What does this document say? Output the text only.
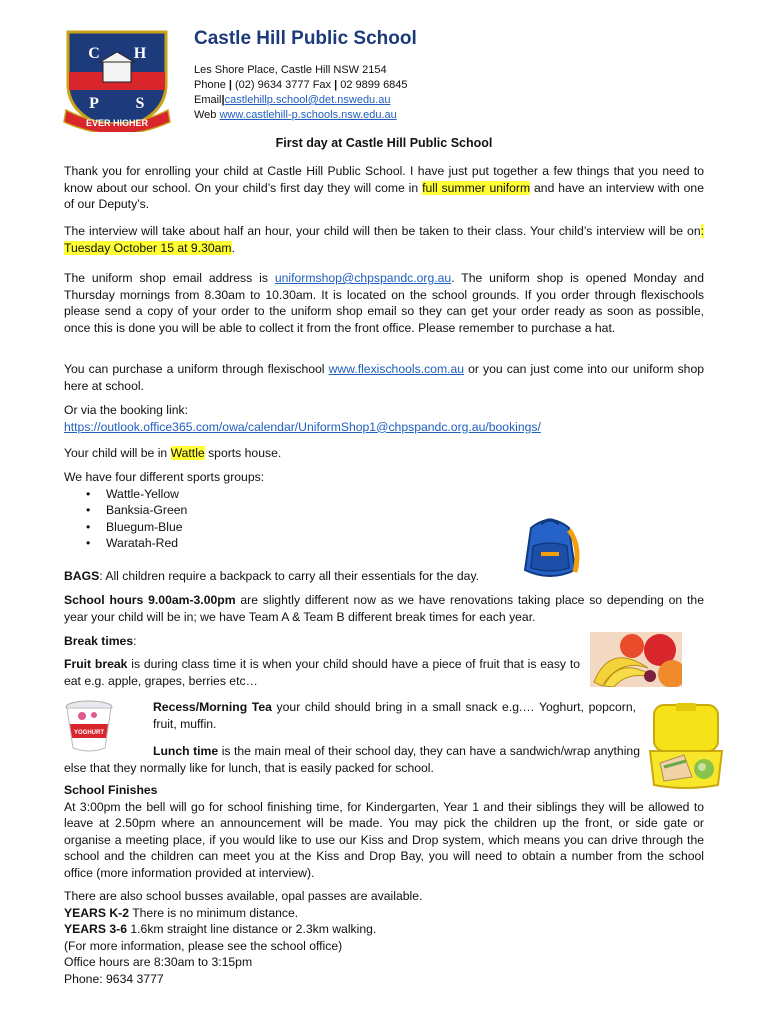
C H
P S
EVER HIGHER
Castle Hill Public School
Les Shore Place, Castle Hill NSW 2154
Phone | (02) 9634 3777 Fax | 02 9899 6845
Email|castlehillp.school@det.nswedu.au
Web www.castlehill-p.schools.nsw.edu.au
First day at Castle Hill Public School

Thank you for enrolling your child at Castle Hill Public School. I have just put together a few things that you need to know about our school. On your child’s first day they will come in full summer uniform and have an interview with one of our Deputy’s.

The interview will take about half an hour, your child will then be taken to their class. Your child’s interview will be on: Tuesday October 15 at 9.30am.

The uniform shop email address is uniformshop@chpspandc.org.au. The uniform shop is opened Monday and Thursday mornings from 8.30am to 10.30am. It is located on the school grounds. If you order through flexischools please send a copy of your order to the uniform shop email so they can get your order ready as soon as possible, once this is done you will be able to collect it from the front office. Please remember to purchase a hat.

You can purchase a uniform through flexischool www.flexischools.com.au or you can just come into our uniform shop here at school.

Or via the booking link:
https://outlook.office365.com/owa/calendar/UniformShop1@chpspandc.org.au/bookings/

Your child will be in Wattle sports house.

We have four different sports groups:
• Wattle-Yellow
• Banksia-Green
• Bluegum-Blue
• Waratah-Red

BAGS: All children require a backpack to carry all their essentials for the day.

School hours 9.00am-3.00pm are slightly different now as we have renovations taking place so depending on the year your child will be in; we have Team A & Team B different break times for each year.

Break times:

Fruit break is during class time it is when your child should have a piece of fruit that is easy to eat e.g. apple, grapes, berries etc…

YOGHURT

Recess/Morning Tea your child should bring in a small snack e.g.… Yoghurt, popcorn, fruit, muffin.

Lunch time is the main meal of their school day, they can have a sandwich/wrap anything else that they normally like for lunch, that is easily packed for school.

School Finishes

At 3:00pm the bell will go for school finishing time, for Kindergarten, Year 1 and their siblings they will be allowed to leave at 2.50pm where an announcement will be made. You may pick the children up the front, or side gate or organise a meeting place, if you would like to use our Kiss and Drop system, which means you can drive through the school and the children can meet you at the Kiss and Drop Bay, you will need to obtain a number from the school office (more information provided at interview).

There are also school busses available, opal passes are available.
YEARS K-2 There is no minimum distance.
YEARS 3-6 1.6km straight line distance or 2.3km walking.
(For more information, please see the school office)
Office hours are 8:30am to 3:15pm
Phone: 9634 3777
